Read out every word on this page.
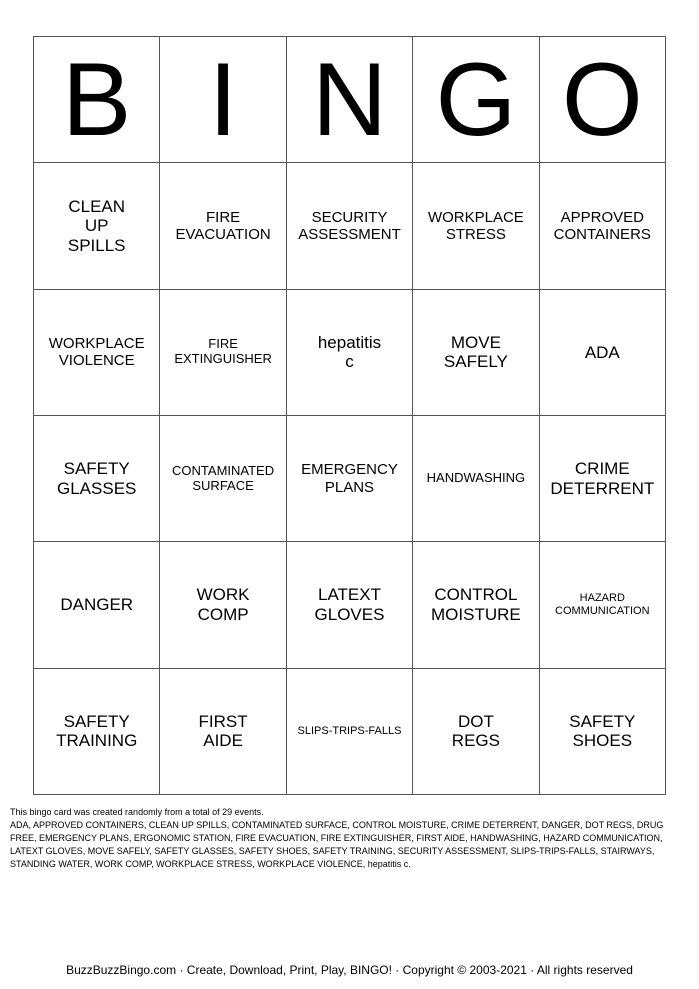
B I N G O
CLEAN
UP
SPILLS
FIRE
EVACUATION
SECURITY
ASSESSMENT
WORKPLACE
STRESS
APPROVED
CONTAINERS
WORKPLACE
VIOLENCE
FIRE
EXTINGUISHER
hepatitis
c
MOVE
SAFELY
ADA
SAFETY
GLASSES
CONTAMINATED
SURFACE
EMERGENCY
PLANS
HANDWASHING	CRIME
DETERRENT
DANGER
WORK
COMP
LATEXT
GLOVES
CONTROL
MOISTURE
HAZARD
COMMUNICATION
SAFETY
TRAINING
FIRST
AIDE
SLIPS-TRIPS-FALLS
DOT
REGS
SAFETY
SHOES

This bingo card was created randomly from a total of 29 events.

ADA, APPROVED CONTAINERS, CLEAN UP SPILLS, CONTAMINATED SURFACE, CONTROL MOISTURE, CRIME DETERRENT, DANGER, DOT REGS, DRUG FREE, EMERGENCY PLANS, ERGONOMIC STATION, FIRE EVACUATION, FIRE EXTINGUISHER, FIRST AIDE, HANDWASHING, HAZARD COMMUNICATION, LATEXT GLOVES, MOVE SAFELY, SAFETY GLASSES, SAFETY SHOES, SAFETY TRAINING, SECURITY ASSESSMENT, SLIPS-TRIPS-FALLS, STAIRWAYS, STANDING WATER, WORK COMP, WORKPLACE STRESS, WORKPLACE VIOLENCE, hepatitis c.

BuzzBuzzBingo.com · Create, Download, Print, Play, BINGO! · Copyright © 2003-2021 · All rights reserved
